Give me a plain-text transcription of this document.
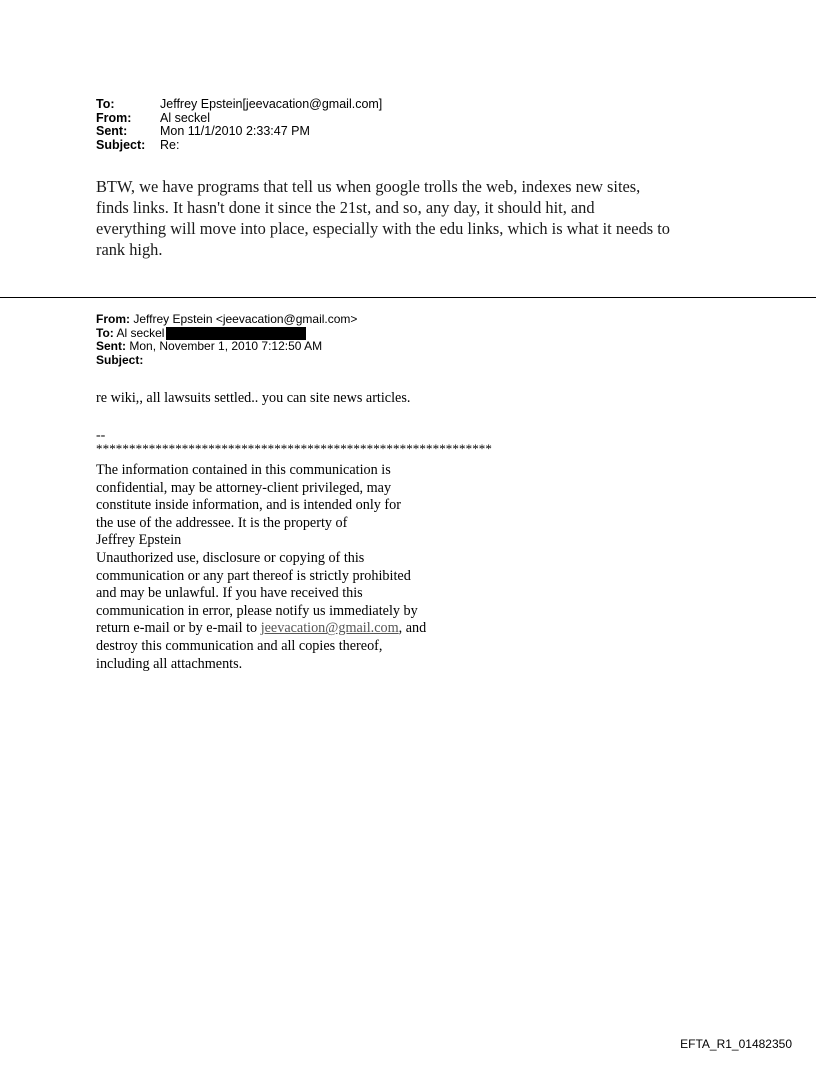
To:	Jeffrey Epstein[jeevacation@gmail.com]
From:	Al seckel
Sent:	Mon 11/1/2010 2:33:47 PM
Subject:	Re:
BTW, we have programs that tell us when google trolls the web, indexes new sites,
finds links. It hasn't done it since the 21st, and so, any day, it should hit, and
everything will move into place, especially with the edu links, which is what it needs to
rank high.
From: Jeffrey Epstein <jeevacation@gmail.com>
To: Al seckel
Sent: Mon, November 1, 2010 7:12:50 AM
Subject:
re wiki,, all lawsuits settled.. you can site news articles.
--
************************************************************
The information contained in this communication is
confidential, may be attorney-client privileged, may
constitute inside information, and is intended only for
the use of the addressee. It is the property of
Jeffrey Epstein
Unauthorized use, disclosure or copying of this
communication or any part thereof is strictly prohibited
and may be unlawful. If you have received this
communication in error, please notify us immediately by
return e-mail or by e-mail to jeevacation@gmail.com, and
destroy this communication and all copies thereof,
including all attachments.
EFTA_R1_01482350
